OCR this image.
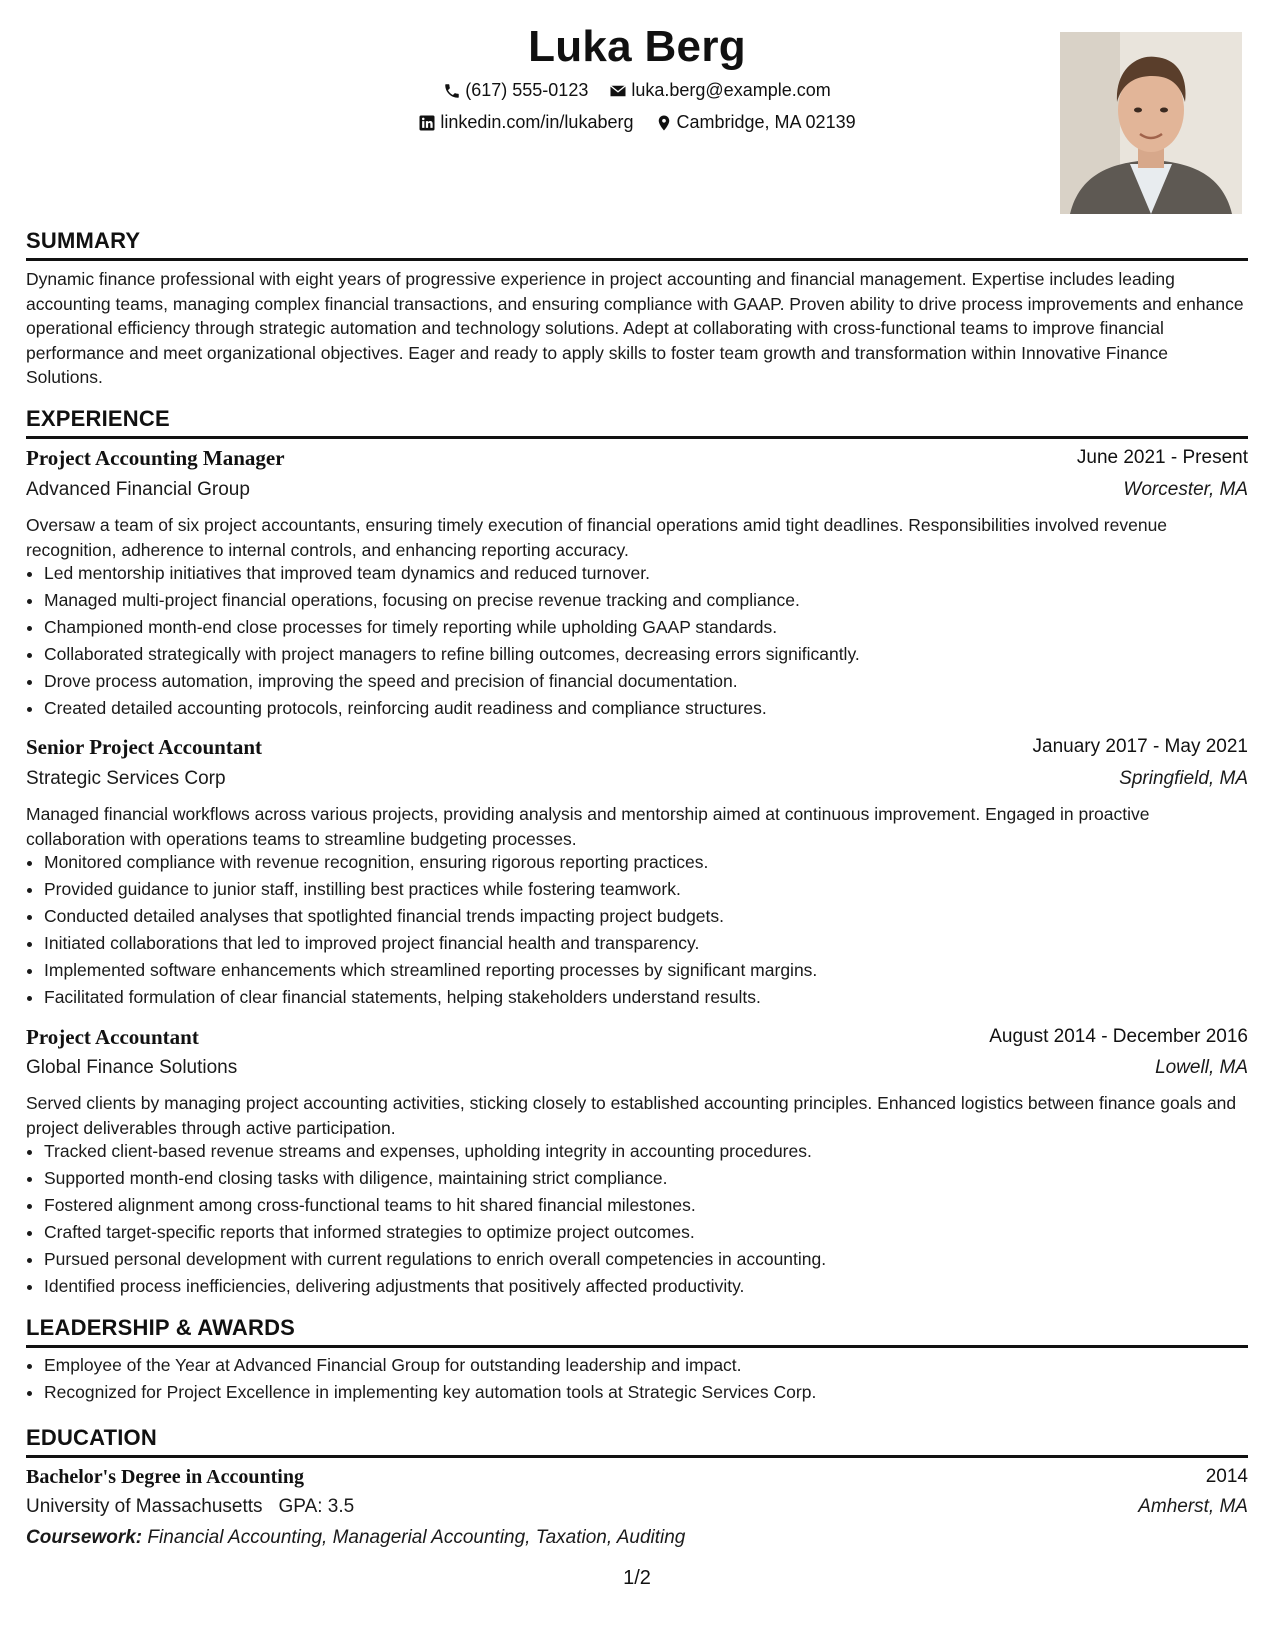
Luka Berg
(617) 555-0123
luka.berg@example.com
linkedin.com/in/lukaberg
Cambridge, MA 02139
SUMMARY
Dynamic finance professional with eight years of progressive experience in project accounting and financial management. Expertise includes leading accounting teams, managing complex financial transactions, and ensuring compliance with GAAP. Proven ability to drive process improvements and enhance operational efficiency through strategic automation and technology solutions. Adept at collaborating with cross-functional teams to improve financial performance and meet organizational objectives. Eager and ready to apply skills to foster team growth and transformation within Innovative Finance Solutions.
EXPERIENCE
Project Accounting Manager	June 2021 - Present
Advanced Financial Group	Worcester, MA
Oversaw a team of six project accountants, ensuring timely execution of financial operations amid tight deadlines. Responsibilities involved revenue recognition, adherence to internal controls, and enhancing reporting accuracy.
• Led mentorship initiatives that improved team dynamics and reduced turnover.
• Managed multi-project financial operations, focusing on precise revenue tracking and compliance.
• Championed month-end close processes for timely reporting while upholding GAAP standards.
• Collaborated strategically with project managers to refine billing outcomes, decreasing errors significantly.
• Drove process automation, improving the speed and precision of financial documentation.
• Created detailed accounting protocols, reinforcing audit readiness and compliance structures.
Senior Project Accountant	January 2017 - May 2021
Strategic Services Corp	Springfield, MA
Managed financial workflows across various projects, providing analysis and mentorship aimed at continuous improvement. Engaged in proactive collaboration with operations teams to streamline budgeting processes.
• Monitored compliance with revenue recognition, ensuring rigorous reporting practices.
• Provided guidance to junior staff, instilling best practices while fostering teamwork.
• Conducted detailed analyses that spotlighted financial trends impacting project budgets.
• Initiated collaborations that led to improved project financial health and transparency.
• Implemented software enhancements which streamlined reporting processes by significant margins.
• Facilitated formulation of clear financial statements, helping stakeholders understand results.
Project Accountant	August 2014 - December 2016
Global Finance Solutions	Lowell, MA
Served clients by managing project accounting activities, sticking closely to established accounting principles. Enhanced logistics between finance goals and project deliverables through active participation.
• Tracked client-based revenue streams and expenses, upholding integrity in accounting procedures.
• Supported month-end closing tasks with diligence, maintaining strict compliance.
• Fostered alignment among cross-functional teams to hit shared financial milestones.
• Crafted target-specific reports that informed strategies to optimize project outcomes.
• Pursued personal development with current regulations to enrich overall competencies in accounting.
• Identified process inefficiencies, delivering adjustments that positively affected productivity.
LEADERSHIP & AWARDS
• Employee of the Year at Advanced Financial Group for outstanding leadership and impact.
• Recognized for Project Excellence in implementing key automation tools at Strategic Services Corp.
EDUCATION
Bachelor's Degree in Accounting	2014
University of Massachusetts GPA: 3.5	Amherst, MA
Coursework: Financial Accounting, Managerial Accounting, Taxation, Auditing
1/2
